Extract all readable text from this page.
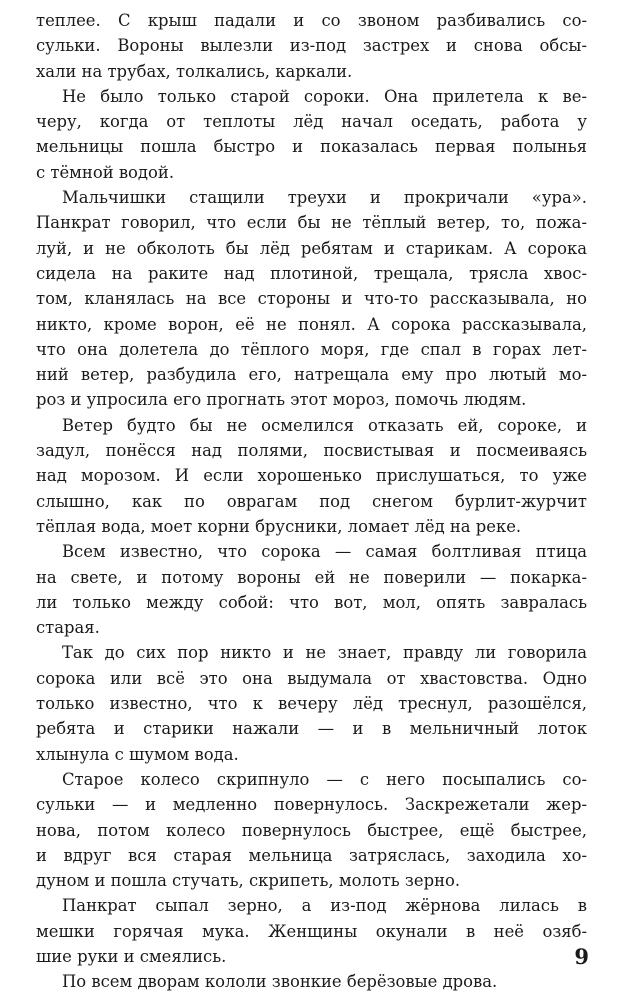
теплее. С крыш падали и со звоном разбивались со-
сульки. Вороны вылезли из-под застрех и снова обсы-
хали на трубах, толкались, каркали.

Не было только старой сороки. Она прилетела к ве-
черу, когда от теплоты лёд начал оседать, работа у
мельницы пошла быстро и показалась первая полынья
с тёмной водой.

Мальчишки стащили треухи и прокричали «ура».
Панкрат говорил, что если бы не тёплый ветер, то, пожа-
луй, и не обколоть бы лёд ребятам и старикам. А сорока
сидела на раките над плотиной, трещала, трясла хвос-
том, кланялась на все стороны и что-то рассказывала, но
никто, кроме ворон, её не понял. А сорока рассказывала,
что она долетела до тёплого моря, где спал в горах лет-
ний ветер, разбудила его, натрещала ему про лютый мо-
роз и упросила его прогнать этот мороз, помочь людям.

Ветер будто бы не осмелился отказать ей, сороке, и
задул, понёсся над полями, посвистывая и посмеиваясь
над морозом. И если хорошенько прислушаться, то уже
слышно, как по оврагам под снегом бурлит-журчит
тёплая вода, моет корни брусники, ломает лёд на реке.

Всем известно, что сорока — самая болтливая птица
на свете, и потому вороны ей не поверили — покарка-
ли только между собой: что вот, мол, опять завралась
старая.

Так до сих пор никто и не знает, правду ли говорила
сорока или всё это она выдумала от хвастовства. Одно
только известно, что к вечеру лёд треснул, разошёлся,
ребята и старики нажали — и в мельничный лоток
хлынула с шумом вода.

Старое колесо скрипнуло — с него посыпались со-
сульки — и медленно повернулось. Заскрежетали жер-
нова, потом колесо повернулось быстрее, ещё быстрее,
и вдруг вся старая мельница затряслась, заходила хо-
дуном и пошла стучать, скрипеть, молоть зерно.

Панкрат сыпал зерно, а из-под жёрнова лилась в
мешки горячая мука. Женщины окунали в неё озяб-
шие руки и смеялись.

По всем дворам кололи звонкие берёзовые дрова.

9
